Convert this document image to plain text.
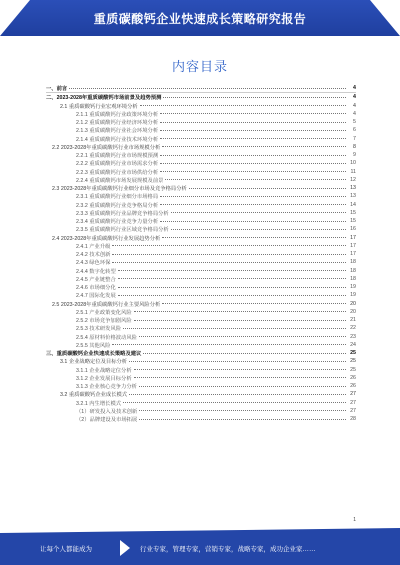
重质碳酸钙企业快速成长策略研究报告
内容目录
一、前言	4
二、2023-2028年重质碳酸钙市场前景及趋势预测	4
2.1 重质碳酸钙行业宏观环境分析	4
2.1.1 重质碳酸钙行业政策环境分析	4
2.1.2 重质碳酸钙行业经济环境分析	5
2.1.3 重质碳酸钙行业社会环境分析	6
2.1.4 重质碳酸钙行业技术环境分析	7
2.2 2023-2028年重质碳酸钙行业市场规模分析	8
2.2.1 重质碳酸钙行业市场规模预测	9
2.2.2 重质碳酸钙行业市场需求分析	10
2.2.3 重质碳酸钙行业市场供给分析	11
2.2.4 重质碳酸钙市场发展规模及前景	12
2.3 2023-2028年重质碳酸钙行业细分市场及竞争格局分析	13
2.3.1 重质碳酸钙行业细分市场格局	13
2.3.2 重质碳酸钙行业竞争格局分析	14
2.3.3 重质碳酸钙行业品牌竞争格局分析	15
2.3.4 重质碳酸钙行业竞争力量分析	15
2.3.5 重质碳酸钙行业区域竞争格局分析	16
2.4 2023-2028年重质碳酸钙行业发展趋势分析	17
2.4.1 产业升级	17
2.4.2 技术创新	17
2.4.3 绿色环保	18
2.4.4 数字化转型	18
2.4.5 产业链整合	18
2.4.6 市场细分化	19
2.4.7 国际化发展	19
2.5 2023-2028年重质碳酸钙行业主要风险分析	20
2.5.1 产业政策变化风险	20
2.5.2 市场竞争加剧风险	21
2.5.3 技术研发风险	22
2.5.4 原材料价格波动风险	23
2.5.5 其他风险	24
三、重质碳酸钙企业快速成长策略及建议	25
3.1 企业战略定位及目标分析	25
3.1.1 企业战略定位分析	25
3.1.2 企业发展目标分析	26
3.1.3 企业核心竞争力分析	26
3.2 重质碳酸钙企业成长模式	27
3.2.1 内生增长模式	27
（1）研发投入及技术创新	27
（2）品牌建设及市场拓展	28
1
让每个人都能成为	行业专家，管理专家，营销专家，战略专家，成功企业家……
